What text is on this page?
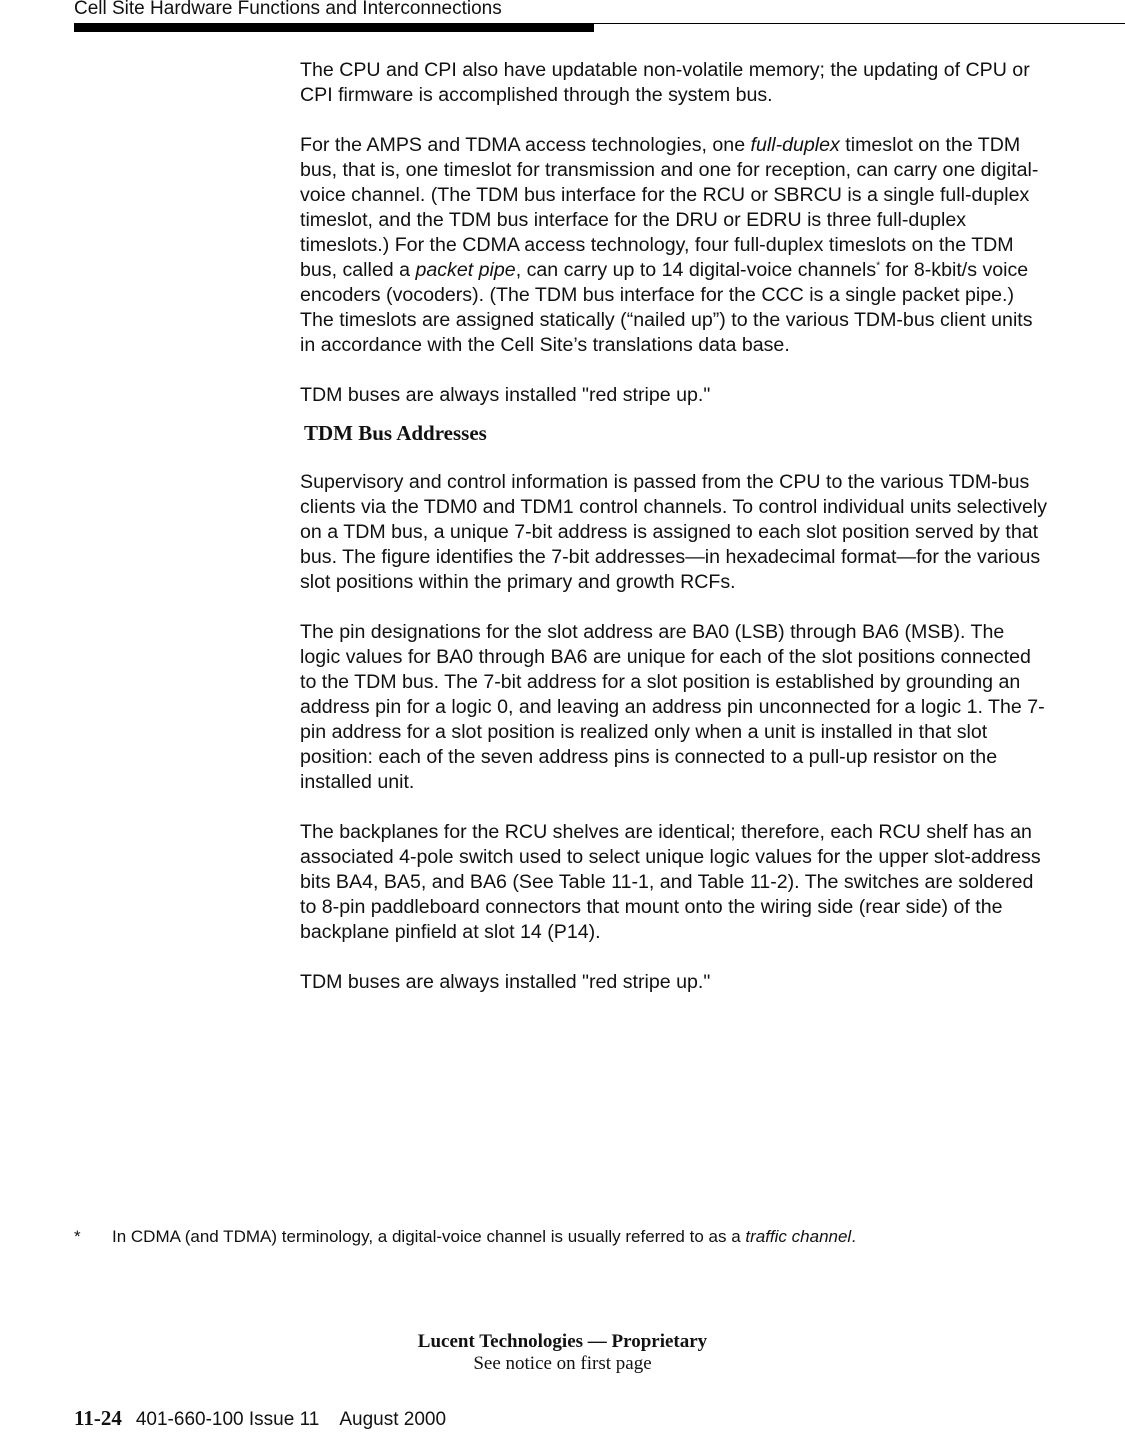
Cell Site Hardware Functions and Interconnections

The CPU and CPI also have updatable non-volatile memory; the updating of CPU or CPI firmware is accomplished through the system bus.

For the AMPS and TDMA access technologies, one full-duplex timeslot on the TDM bus, that is, one timeslot for transmission and one for reception, can carry one digital-voice channel. (The TDM bus interface for the RCU or SBRCU is a single full-duplex timeslot, and the TDM bus interface for the DRU or EDRU is three full-duplex timeslots.) For the CDMA access technology, four full-duplex timeslots on the TDM bus, called a packet pipe, can carry up to 14 digital-voice channels* for 8-kbit/s voice encoders (vocoders). (The TDM bus interface for the CCC is a single packet pipe.) The timeslots are assigned statically (“nailed up”) to the various TDM-bus client units in accordance with the Cell Site’s translations data base.

TDM buses are always installed "red stripe up."

TDM Bus Addresses

Supervisory and control information is passed from the CPU to the various TDM-bus clients via the TDM0 and TDM1 control channels. To control individual units selectively on a TDM bus, a unique 7-bit address is assigned to each slot position served by that bus. The figure identifies the 7-bit addresses—in hexadecimal format—for the various slot positions within the primary and growth RCFs.

The pin designations for the slot address are BA0 (LSB) through BA6 (MSB). The logic values for BA0 through BA6 are unique for each of the slot positions connected to the TDM bus. The 7-bit address for a slot position is established by grounding an address pin for a logic 0, and leaving an address pin unconnected for a logic 1. The 7-pin address for a slot position is realized only when a unit is installed in that slot position: each of the seven address pins is connected to a pull-up resistor on the installed unit.

The backplanes for the RCU shelves are identical; therefore, each RCU shelf has an associated 4-pole switch used to select unique logic values for the upper slot-address bits BA4, BA5, and BA6 (See Table 11-1, and Table 11-2). The switches are soldered to 8-pin paddleboard connectors that mount onto the wiring side (rear side) of the backplane pinfield at slot 14 (P14).

TDM buses are always installed "red stripe up."

* In CDMA (and TDMA) terminology, a digital-voice channel is usually referred to as a traffic channel.
Lucent Technologies — Proprietary
See notice on first page
11-24 401-660-100 Issue 11    August 2000
